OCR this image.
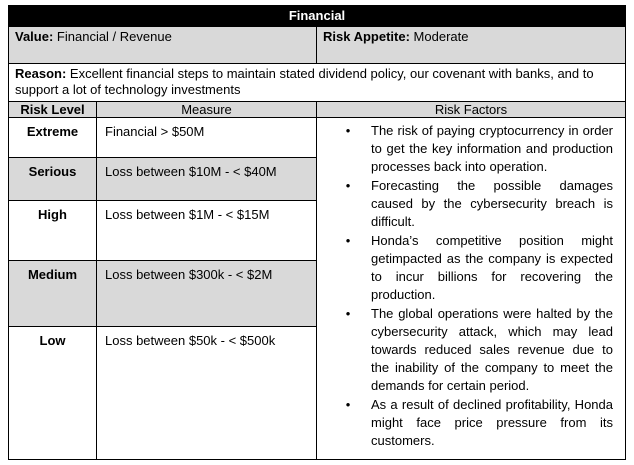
Financial
Value: Financial / Revenue	Risk Appetite: Moderate
Reason: Excellent financial steps to maintain stated dividend policy, our covenant with banks, and to support a lot of technology investments
Risk Level	Measure	Risk Factors
Extreme	Financial > $50M
Serious	Loss between $10M - < $40M
High	Loss between $1M - < $15M
Medium	Loss between $300k - < $2M
Low	Loss between $50k - < $500k
• The risk of paying cryptocurrency in order to get the key information and production processes back into operation.
• Forecasting the possible damages caused by the cybersecurity breach is difficult.
• Honda’s competitive position might getimpacted as the company is expected to incur billions for recovering the production.
• The global operations were halted by the cybersecurity attack, which may lead towards reduced sales revenue due to the inability of the company to meet the demands for certain period.
• As a result of declined profitability, Honda might face price pressure from its customers.
